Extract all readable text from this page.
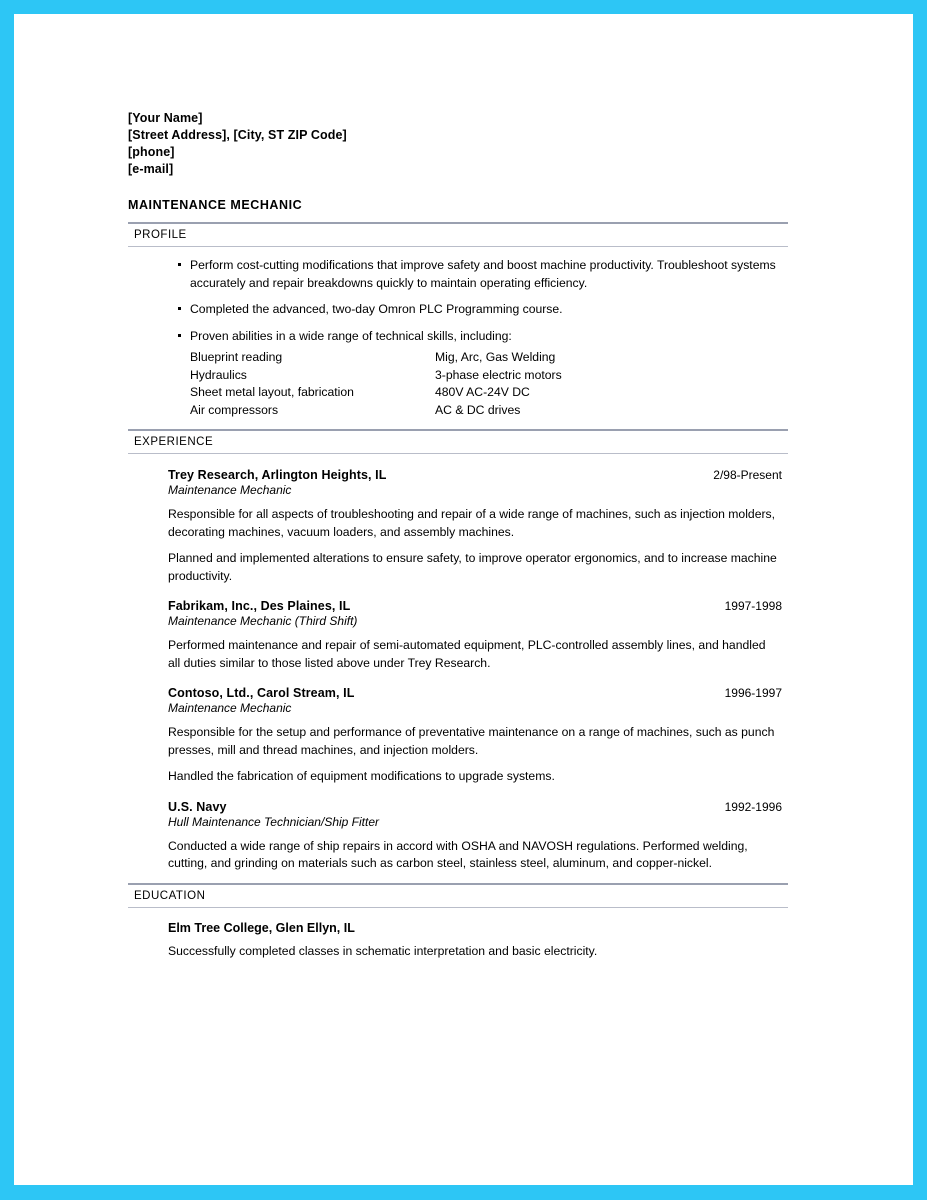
[Your Name]
[Street Address], [City, ST ZIP Code]
[phone]
[e-mail]
MAINTENANCE MECHANIC
PROFILE
Perform cost-cutting modifications that improve safety and boost machine productivity. Troubleshoot systems accurately and repair breakdowns quickly to maintain operating efficiency.
Completed the advanced, two-day Omron PLC Programming course.
Proven abilities in a wide range of technical skills, including:
Blueprint reading	Mig, Arc, Gas Welding
Hydraulics	3-phase electric motors
Sheet metal layout, fabrication	480V AC-24V DC
Air compressors	AC & DC drives
EXPERIENCE
Trey Research, Arlington Heights, IL	2/98-Present
Maintenance Mechanic
Responsible for all aspects of troubleshooting and repair of a wide range of machines, such as injection molders, decorating machines, vacuum loaders, and assembly machines.
Planned and implemented alterations to ensure safety, to improve operator ergonomics, and to increase machine productivity.
Fabrikam, Inc., Des Plaines, IL	1997-1998
Maintenance Mechanic (Third Shift)
Performed maintenance and repair of semi-automated equipment, PLC-controlled assembly lines, and handled all duties similar to those listed above under Trey Research.
Contoso, Ltd., Carol Stream, IL	1996-1997
Maintenance Mechanic
Responsible for the setup and performance of preventative maintenance on a range of machines, such as punch presses, mill and thread machines, and injection molders.
Handled the fabrication of equipment modifications to upgrade systems.
U.S. Navy	1992-1996
Hull Maintenance Technician/Ship Fitter
Conducted a wide range of ship repairs in accord with OSHA and NAVOSH regulations. Performed welding, cutting, and grinding on materials such as carbon steel, stainless steel, aluminum, and copper-nickel.
EDUCATION
Elm Tree College, Glen Ellyn, IL
Successfully completed classes in schematic interpretation and basic electricity.
